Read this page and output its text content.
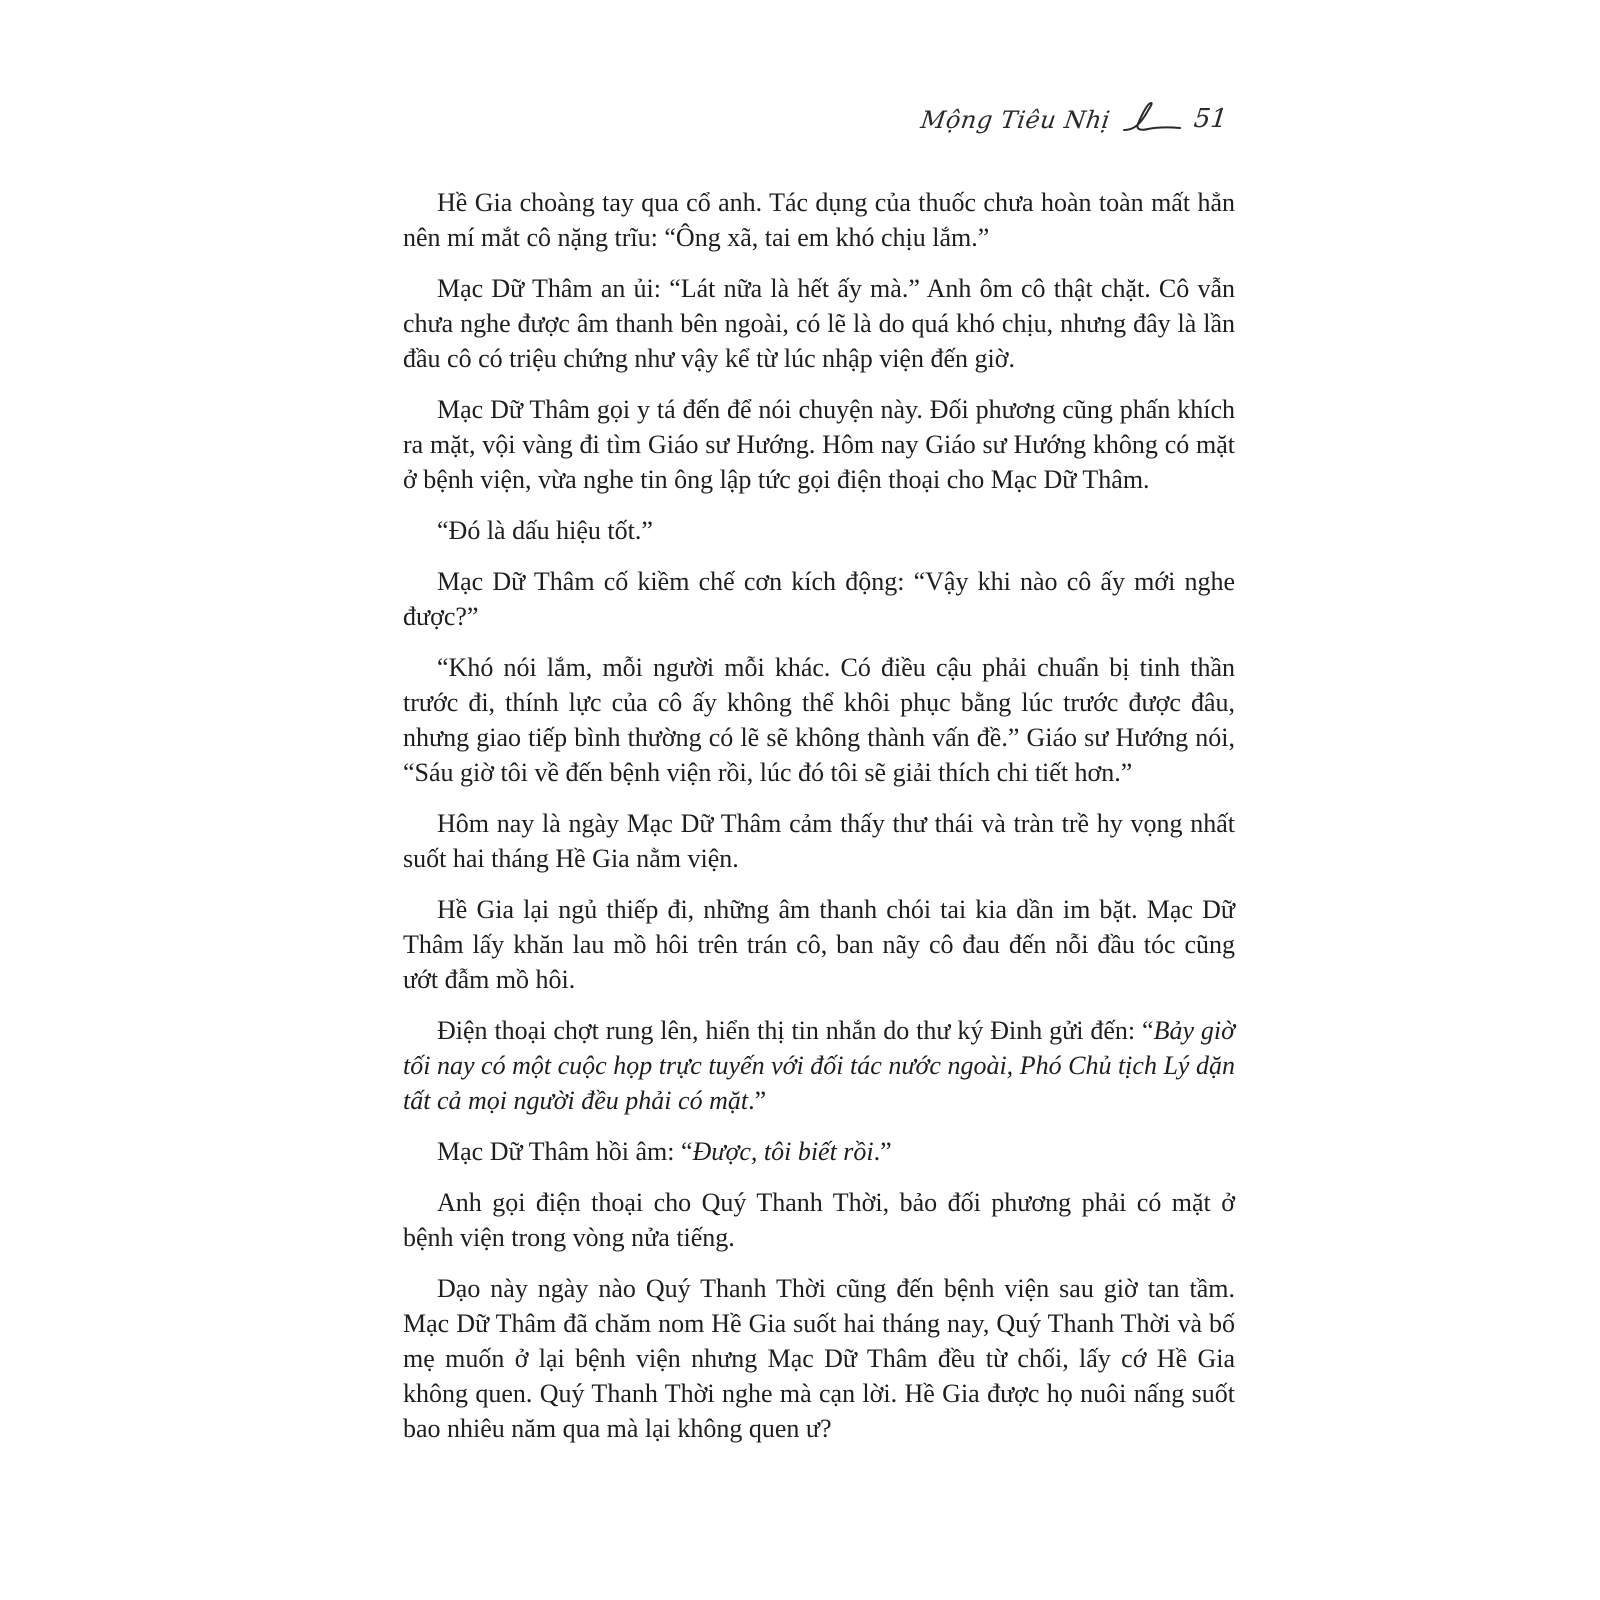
Mộng Tiêu Nhị	51

Hề Gia choàng tay qua cổ anh. Tác dụng của thuốc chưa hoàn toàn mất hẳn nên mí mắt cô nặng trĩu: “Ông xã, tai em khó chịu lắm.”

Mạc Dữ Thâm an ủi: “Lát nữa là hết ấy mà.” Anh ôm cô thật chặt. Cô vẫn chưa nghe được âm thanh bên ngoài, có lẽ là do quá khó chịu, nhưng đây là lần đầu cô có triệu chứng như vậy kể từ lúc nhập viện đến giờ.

Mạc Dữ Thâm gọi y tá đến để nói chuyện này. Đối phương cũng phấn khích ra mặt, vội vàng đi tìm Giáo sư Hướng. Hôm nay Giáo sư Hướng không có mặt ở bệnh viện, vừa nghe tin ông lập tức gọi điện thoại cho Mạc Dữ Thâm.

“Đó là dấu hiệu tốt.”

Mạc Dữ Thâm cố kiềm chế cơn kích động: “Vậy khi nào cô ấy mới nghe được?”

“Khó nói lắm, mỗi người mỗi khác. Có điều cậu phải chuẩn bị tinh thần trước đi, thính lực của cô ấy không thể khôi phục bằng lúc trước được đâu, nhưng giao tiếp bình thường có lẽ sẽ không thành vấn đề.” Giáo sư Hướng nói, “Sáu giờ tôi về đến bệnh viện rồi, lúc đó tôi sẽ giải thích chi tiết hơn.”

Hôm nay là ngày Mạc Dữ Thâm cảm thấy thư thái và tràn trề hy vọng nhất suốt hai tháng Hề Gia nằm viện.

Hề Gia lại ngủ thiếp đi, những âm thanh chói tai kia dần im bặt. Mạc Dữ Thâm lấy khăn lau mồ hôi trên trán cô, ban nãy cô đau đến nỗi đầu tóc cũng ướt đẫm mồ hôi.

Điện thoại chợt rung lên, hiển thị tin nhắn do thư ký Đinh gửi đến: “Bảy giờ tối nay có một cuộc họp trực tuyến với đối tác nước ngoài, Phó Chủ tịch Lý dặn tất cả mọi người đều phải có mặt.”

Mạc Dữ Thâm hồi âm: “Được, tôi biết rồi.”

Anh gọi điện thoại cho Quý Thanh Thời, bảo đối phương phải có mặt ở bệnh viện trong vòng nửa tiếng.

Dạo này ngày nào Quý Thanh Thời cũng đến bệnh viện sau giờ tan tầm. Mạc Dữ Thâm đã chăm nom Hề Gia suốt hai tháng nay, Quý Thanh Thời và bố mẹ muốn ở lại bệnh viện nhưng Mạc Dữ Thâm đều từ chối, lấy cớ Hề Gia không quen. Quý Thanh Thời nghe mà cạn lời. Hề Gia được họ nuôi nấng suốt bao nhiêu năm qua mà lại không quen ư?
